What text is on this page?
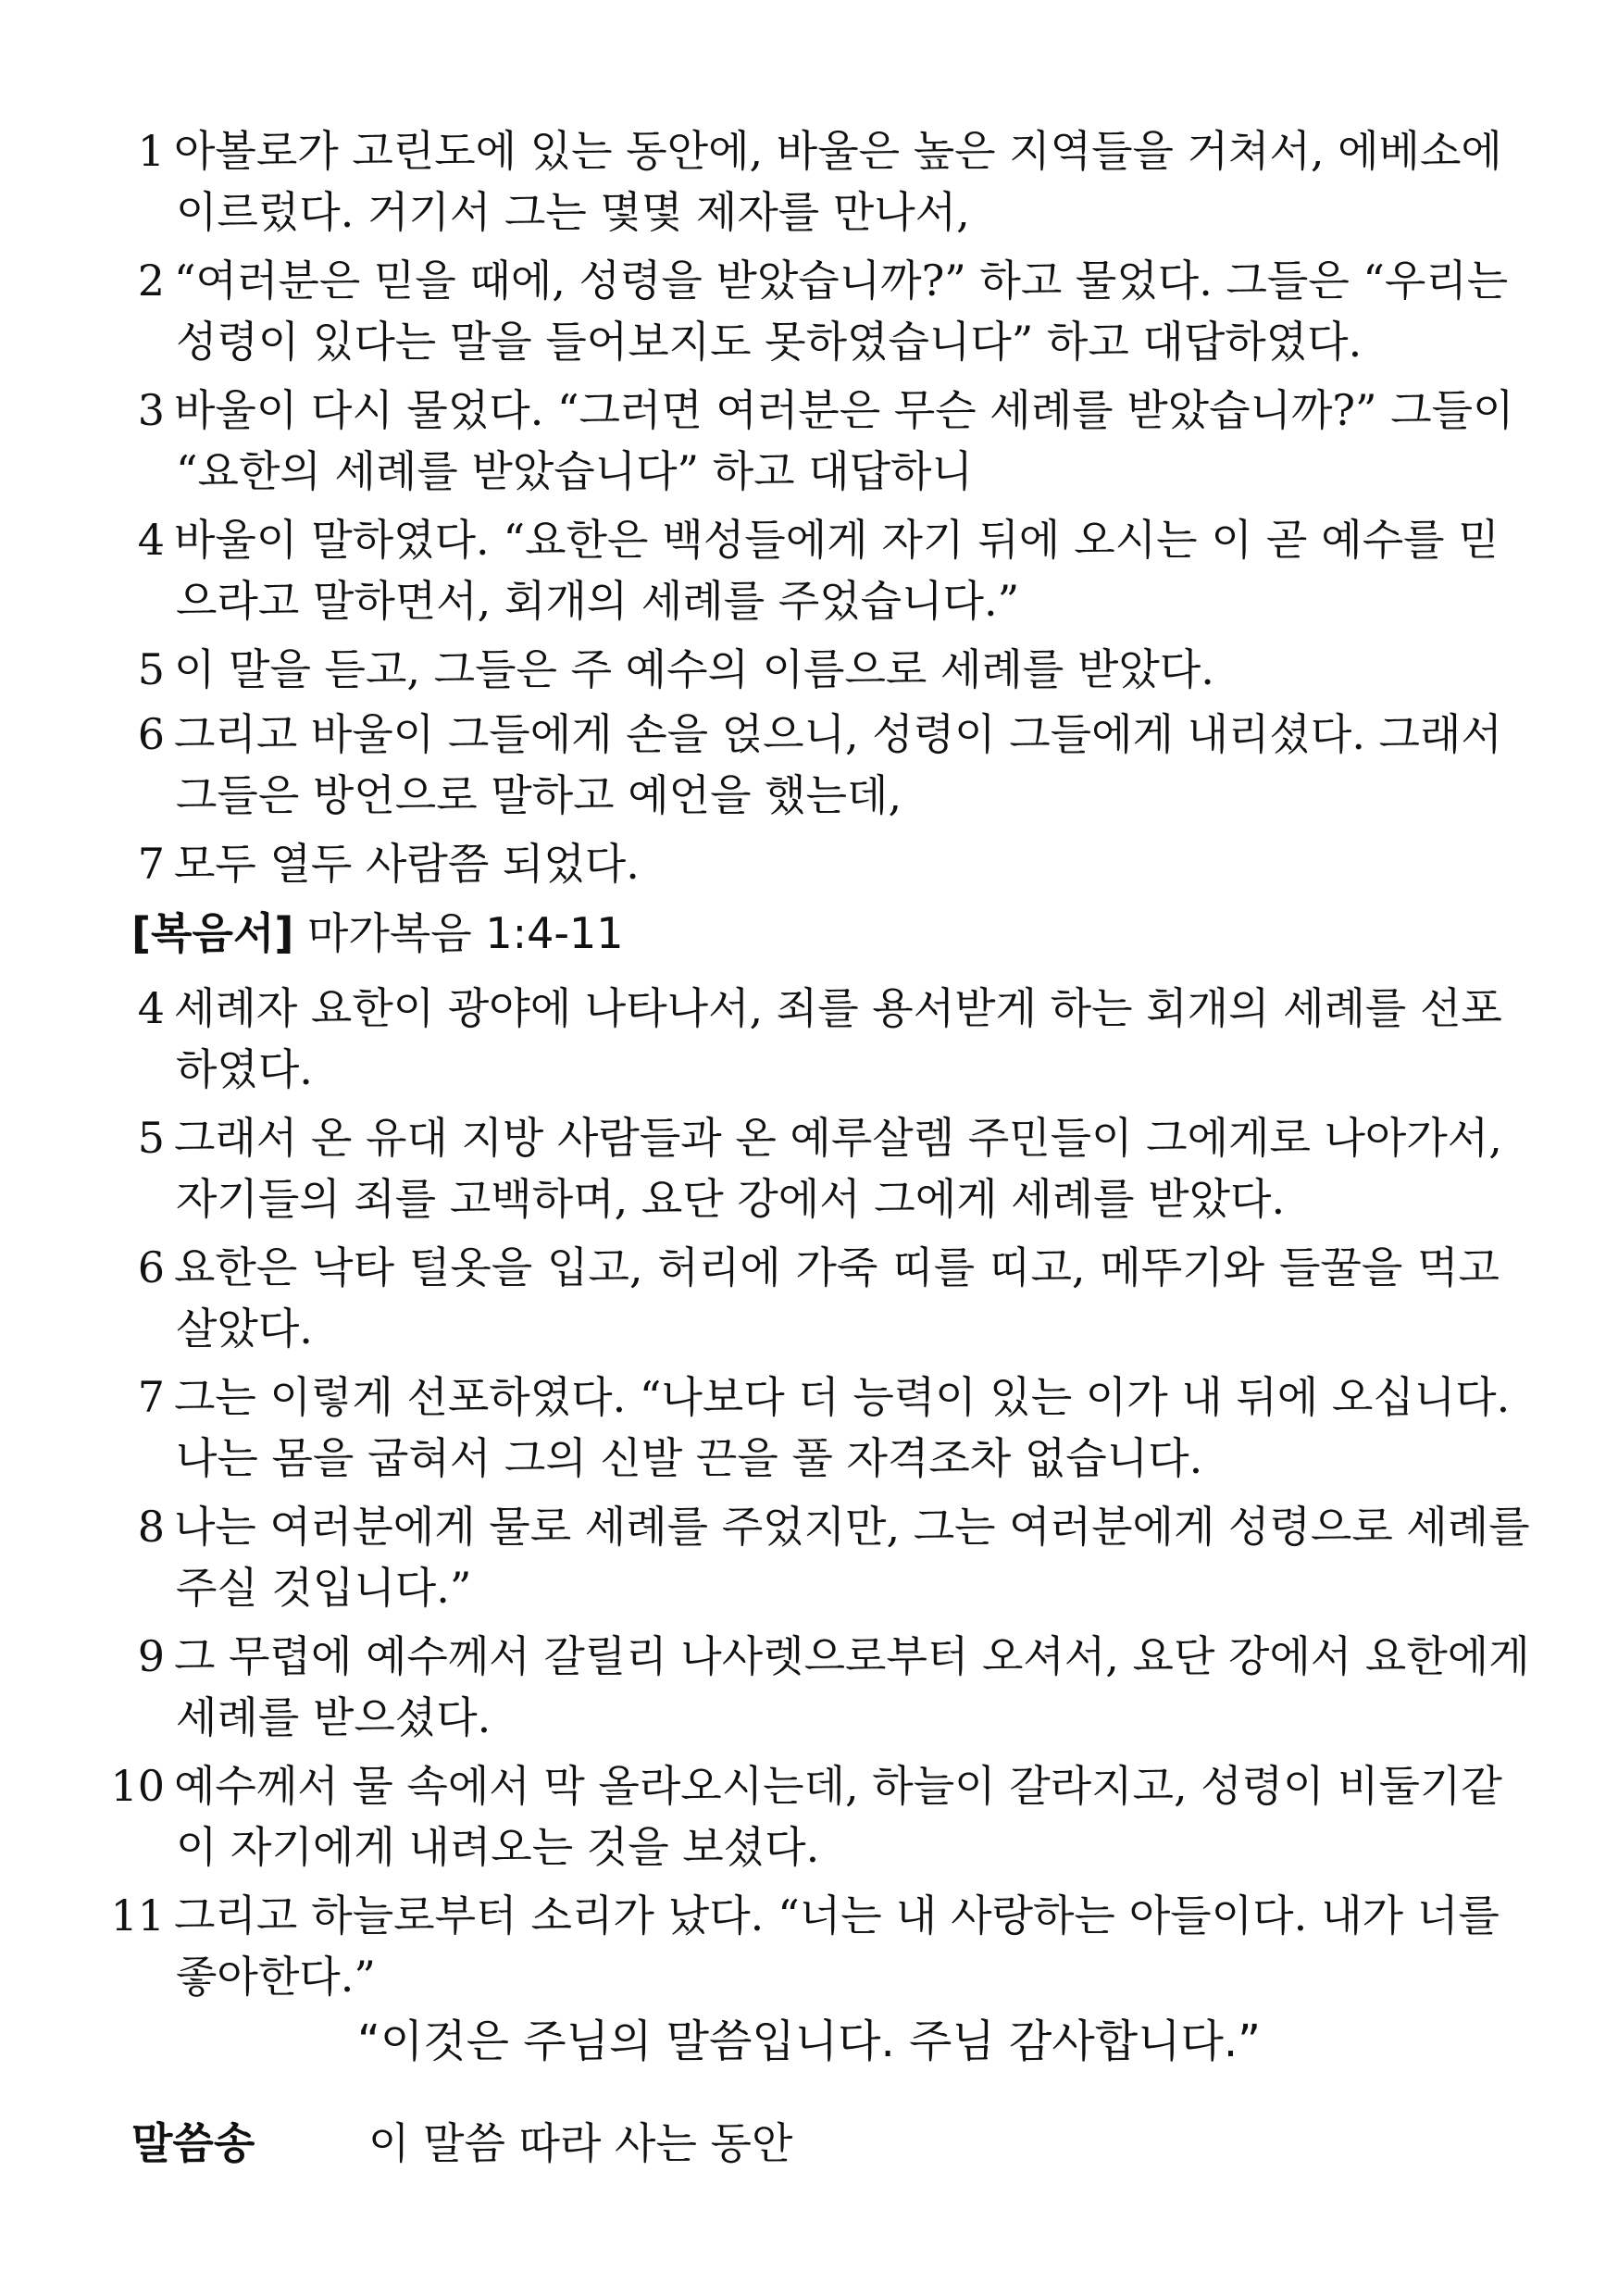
1 아볼로가 고린도에 있는 동안에, 바울은 높은 지역들을 거쳐서, 에베소에
이르렀다. 거기서 그는 몇몇 제자를 만나서,
2 “여러분은 믿을 때에, 성령을 받았습니까?” 하고 물었다. 그들은 “우리는
성령이 있다는 말을 들어보지도 못하였습니다” 하고 대답하였다.
3 바울이 다시 물었다. “그러면 여러분은 무슨 세례를 받았습니까?” 그들이
“요한의 세례를 받았습니다” 하고 대답하니
4 바울이 말하였다. “요한은 백성들에게 자기 뒤에 오시는 이 곧 예수를 믿
으라고 말하면서, 회개의 세례를 주었습니다.”
5 이 말을 듣고, 그들은 주 예수의 이름으로 세례를 받았다.
6 그리고 바울이 그들에게 손을 얹으니, 성령이 그들에게 내리셨다. 그래서
그들은 방언으로 말하고 예언을 했는데,
7 모두 열두 사람쯤 되었다.
[복음서] 마가복음 1:4-11
4 세례자 요한이 광야에 나타나서, 죄를 용서받게 하는 회개의 세례를 선포
하였다.
5 그래서 온 유대 지방 사람들과 온 예루살렘 주민들이 그에게로 나아가서,
자기들의 죄를 고백하며, 요단 강에서 그에게 세례를 받았다.
6 요한은 낙타 털옷을 입고, 허리에 가죽 띠를 띠고, 메뚜기와 들꿀을 먹고
살았다.
7 그는 이렇게 선포하였다. “나보다 더 능력이 있는 이가 내 뒤에 오십니다.
나는 몸을 굽혀서 그의 신발 끈을 풀 자격조차 없습니다.
8 나는 여러분에게 물로 세례를 주었지만, 그는 여러분에게 성령으로 세례를
주실 것입니다.”
9 그 무렵에 예수께서 갈릴리 나사렛으로부터 오셔서, 요단 강에서 요한에게
세례를 받으셨다.
10 예수께서 물 속에서 막 올라오시는데, 하늘이 갈라지고, 성령이 비둘기같
이 자기에게 내려오는 것을 보셨다.
11 그리고 하늘로부터 소리가 났다. “너는 내 사랑하는 아들이다. 내가 너를
좋아한다.”
“이것은 주님의 말씀입니다. 주님 감사합니다.”
말씀송	이 말씀 따라 사는 동안
